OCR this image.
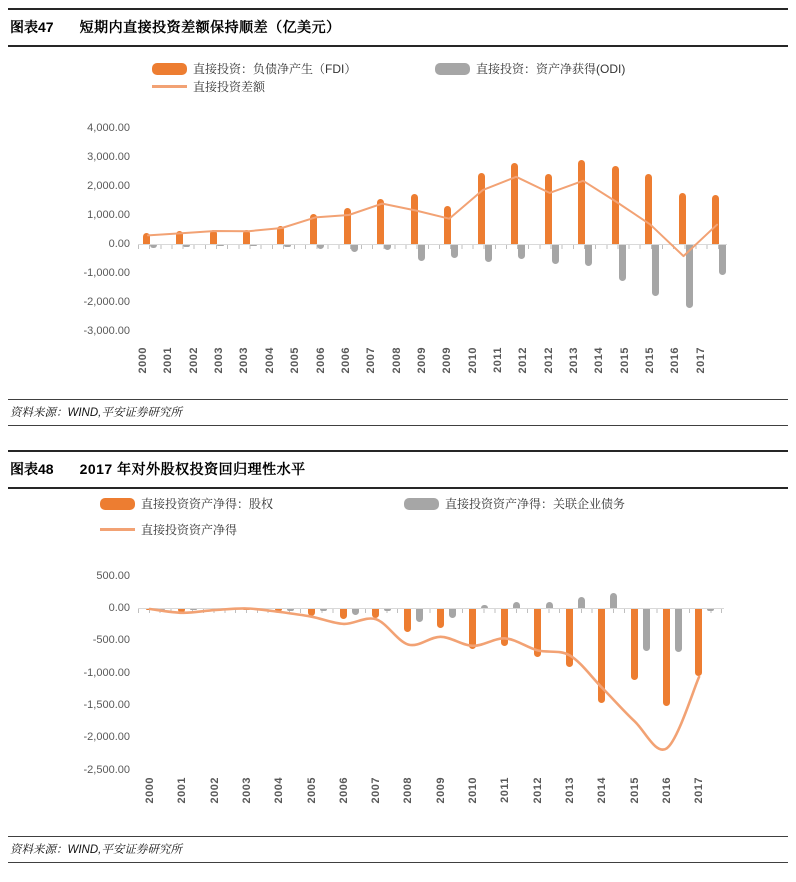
图表47 短期内直接投资差额保持顺差（亿美元）
直接投资：负债净产生（FDI）	直接投资：资产净获得(ODI)
直接投资差额
资料来源：WIND,平安证券研究所
图表48 2017 年对外股权投资回归理性水平
直接投资资产净得：股权	直接投资资产净得：关联企业债务
直接投资资产净得
资料来源：WIND,平安证券研究所
4,000.00
3,000.00
2,000.00
1,000.00
0.00
-1,000.00
-2,000.00
-3,000.00
2000 2001 2002 2003 2003 2004 2005 2006 2006 2007 2008 2009 2009 2010 2011 2012 2012 2013 2014 2015 2015 2016 2017
500.00
0.00
-500.00
-1,000.00
-1,500.00
-2,000.00
-2,500.00
2000 2001 2002 2003 2004 2005 2006 2007 2008 2009 2010 2011 2012 2013 2014 2015 2016 2017
